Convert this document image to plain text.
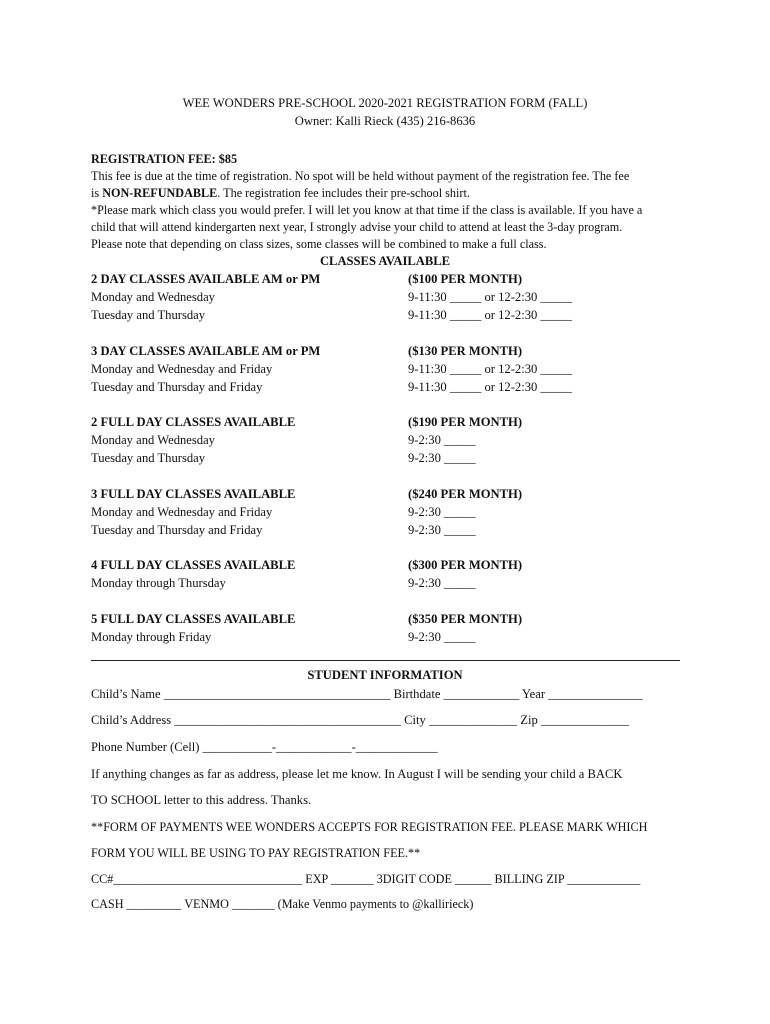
WEE WONDERS PRE-SCHOOL 2020-2021 REGISTRATION FORM (FALL)
Owner: Kalli Rieck (435) 216-8636
REGISTRATION FEE: $85
This fee is due at the time of registration. No spot will be held without payment of the registration fee. The fee
is NON-REFUNDABLE. The registration fee includes their pre-school shirt.
*Please mark which class you would prefer. I will let you know at that time if the class is available. If you have a
child that will attend kindergarten next year, I strongly advise your child to attend at least the 3-day program.
Please note that depending on class sizes, some classes will be combined to make a full class.
CLASSES AVAILABLE
2 DAY CLASSES AVAILABLE AM or PM	($100 PER MONTH)
Monday and Wednesday	9-11:30 _____ or 12-2:30 _____
Tuesday and Thursday	9-11:30 _____ or 12-2:30 _____
3 DAY CLASSES AVAILABLE AM or PM	($130 PER MONTH)
Monday and Wednesday and Friday	9-11:30 _____ or 12-2:30 _____
Tuesday and Thursday and Friday	9-11:30 _____ or 12-2:30 _____
2 FULL DAY CLASSES AVAILABLE	($190 PER MONTH)
Monday and Wednesday	9-2:30 _____
Tuesday and Thursday	9-2:30 _____
3 FULL DAY CLASSES AVAILABLE	($240 PER MONTH)
Monday and Wednesday and Friday	9-2:30 _____
Tuesday and Thursday and Friday	9-2:30 _____
4 FULL DAY CLASSES AVAILABLE	($300 PER MONTH)
Monday through Thursday	9-2:30 _____
5 FULL DAY CLASSES AVAILABLE	($350 PER MONTH)
Monday through Friday	9-2:30 _____
STUDENT INFORMATION
Child’s Name ____________________________________ Birthdate ____________ Year _______________
Child’s Address ____________________________________ City ______________ Zip ______________
Phone Number (Cell) ___________-____________-_____________
If anything changes as far as address, please let me know. In August I will be sending your child a BACK
TO SCHOOL letter to this address. Thanks.
**FORM OF PAYMENTS WEE WONDERS ACCEPTS FOR REGISTRATION FEE. PLEASE MARK WHICH
FORM YOU WILL BE USING TO PAY REGISTRATION FEE.**
CC#_______________________________ EXP _______ 3DIGIT CODE ______ BILLING ZIP ____________
CASH _________ VENMO _______ (Make Venmo payments to @kallirieck)
